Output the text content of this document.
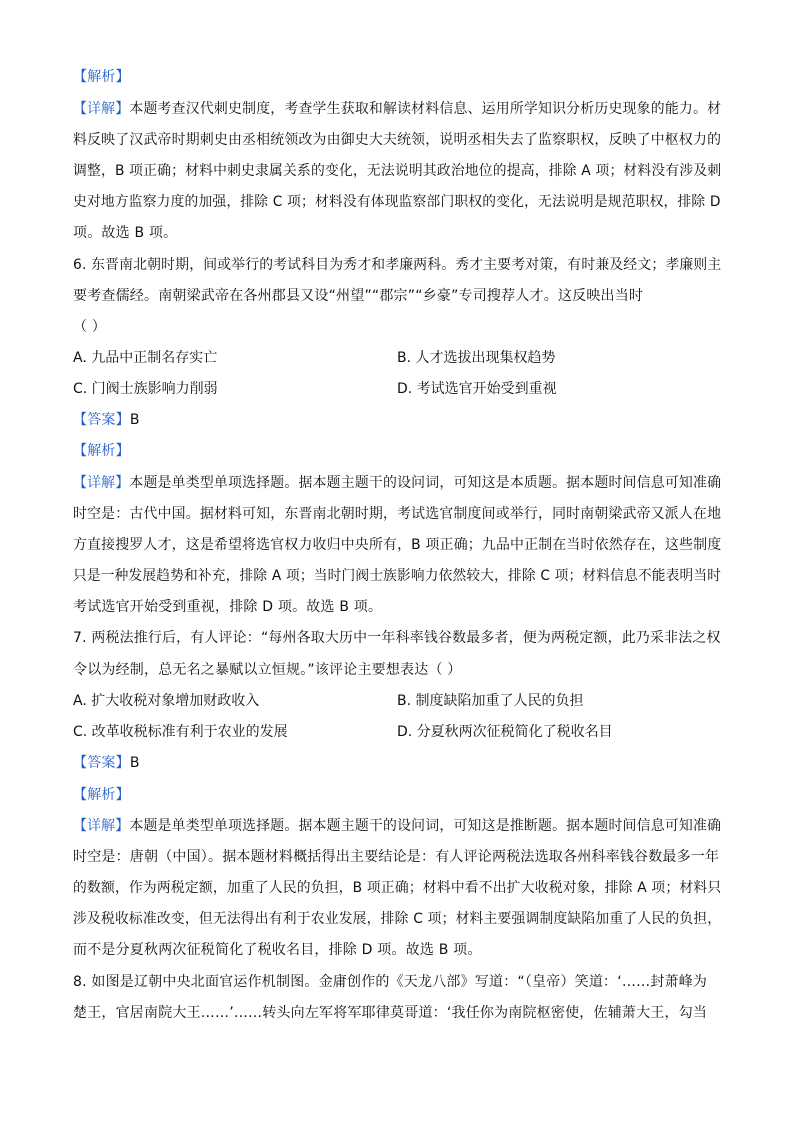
【解析】
【详解】本题考查汉代刺史制度，考查学生获取和解读材料信息、运用所学知识分析历史现象的能力。材
料反映了汉武帝时期刺史由丞相统领改为由御史大夫统领，说明丞相失去了监察职权，反映了中枢权力的
调整，B 项正确；材料中刺史隶属关系的变化，无法说明其政治地位的提高，排除 A 项；材料没有涉及刺
史对地方监察力度的加强，排除 C 项；材料没有体现监察部门职权的变化，无法说明是规范职权，排除 D
项。故选 B 项。
6. 东晋南北朝时期，间或举行的考试科目为秀才和孝廉两科。秀才主要考对策，有时兼及经文；孝廉则主
要考查儒经。南朝梁武帝在各州郡县又设“州望”“郡宗”“乡豪”专司搜荐人才。这反映出当时
（ ）
A. 九品中正制名存实亡	B. 人才选拔出现集权趋势
C. 门阀士族影响力削弱	D. 考试选官开始受到重视
【答案】B
【解析】
【详解】本题是单类型单项选择题。据本题主题干的设问词，可知这是本质题。据本题时间信息可知准确
时空是：古代中国。据材料可知，东晋南北朝时期，考试选官制度间或举行，同时南朝梁武帝又派人在地
方直接搜罗人才，这是希望将选官权力收归中央所有，B 项正确；九品中正制在当时依然存在，这些制度
只是一种发展趋势和补充，排除 A 项；当时门阀士族影响力依然较大，排除 C 项；材料信息不能表明当时
考试选官开始受到重视，排除 D 项。故选 B 项。
7. 两税法推行后，有人评论：“每州各取大历中一年科率钱谷数最多者，便为两税定额，此乃采非法之权
令以为经制，总无名之暴赋以立恒规。”该评论主要想表达（ ）
A. 扩大收税对象增加财政收入	B. 制度缺陷加重了人民的负担
C. 改革收税标准有利于农业的发展	D. 分夏秋两次征税简化了税收名目
【答案】B
【解析】
【详解】本题是单类型单项选择题。据本题主题干的设问词，可知这是推断题。据本题时间信息可知准确
时空是：唐朝（中国）。据本题材料概括得出主要结论是：有人评论两税法选取各州科率钱谷数最多一年
的数额，作为两税定额，加重了人民的负担，B 项正确；材料中看不出扩大收税对象，排除 A 项；材料只
涉及税收标准改变，但无法得出有利于农业发展，排除 C 项；材料主要强调制度缺陷加重了人民的负担，
而不是分夏秋两次征税简化了税收名目，排除 D 项。故选 B 项。
8. 如图是辽朝中央北面官运作机制图。金庸创作的《天龙八部》写道：“（皇帝）笑道：‘……封萧峰为
楚王，官居南院大王……’……转头向左军将军耶律莫哥道：‘我任你为南院枢密使，佐辅萧大王，勾当
